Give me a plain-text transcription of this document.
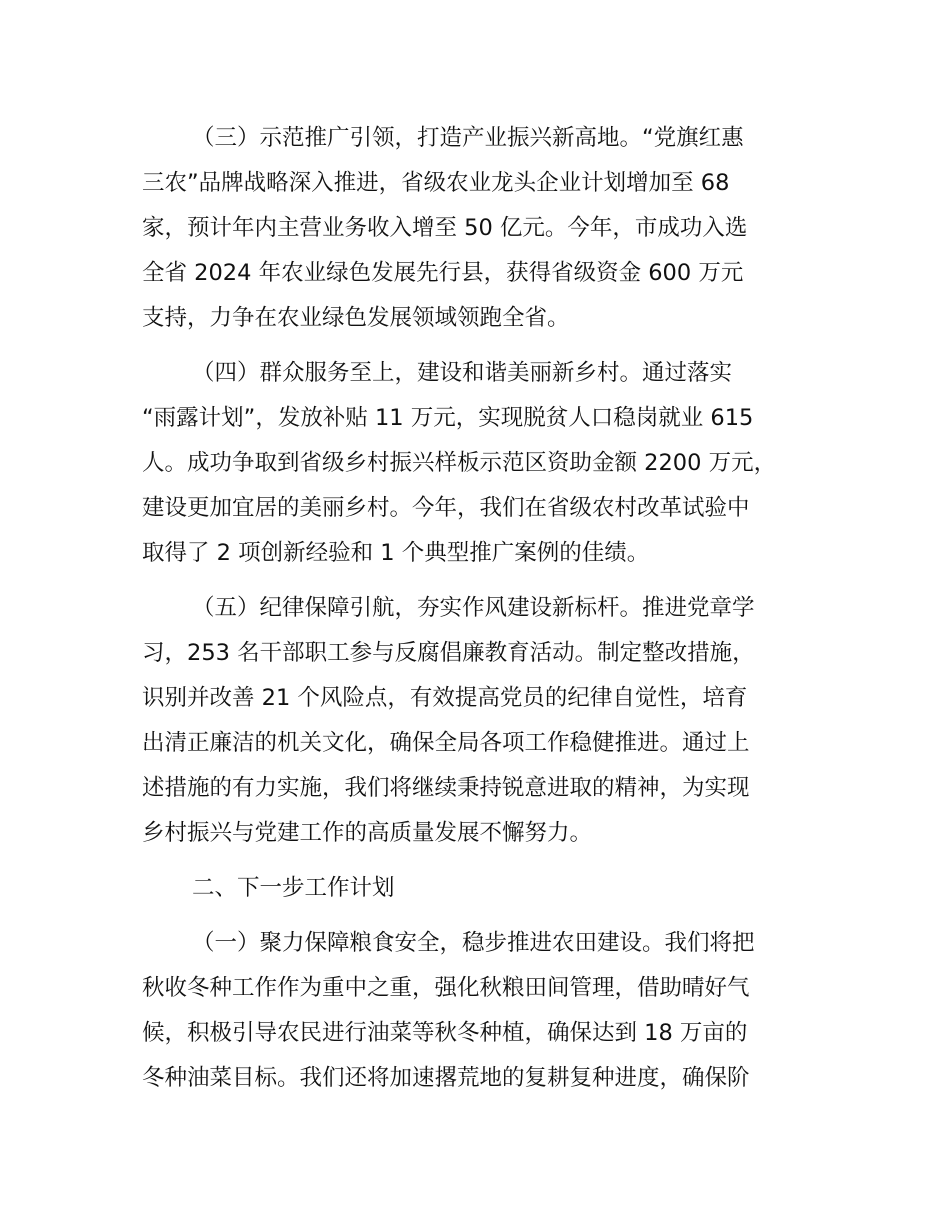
（三）示范推广引领，打造产业振兴新高地。“党旗红惠
三农”品牌战略深入推进，省级农业龙头企业计划增加至 68
家，预计年内主营业务收入增至 50 亿元。今年，市成功入选
全省 2024 年农业绿色发展先行县，获得省级资金 600 万元
支持，力争在农业绿色发展领域领跑全省。
（四）群众服务至上，建设和谐美丽新乡村。通过落实
“雨露计划”，发放补贴 11 万元，实现脱贫人口稳岗就业 615
人。成功争取到省级乡村振兴样板示范区资助金额 2200 万元，
建设更加宜居的美丽乡村。今年，我们在省级农村改革试验中
取得了 2 项创新经验和 1 个典型推广案例的佳绩。
（五）纪律保障引航，夯实作风建设新标杆。推进党章学
习，253 名干部职工参与反腐倡廉教育活动。制定整改措施，
识别并改善 21 个风险点，有效提高党员的纪律自觉性，培育
出清正廉洁的机关文化，确保全局各项工作稳健推进。通过上
述措施的有力实施，我们将继续秉持锐意进取的精神，为实现
乡村振兴与党建工作的高质量发展不懈努力。
二、下一步工作计划
（一）聚力保障粮食安全，稳步推进农田建设。我们将把
秋收冬种工作作为重中之重，强化秋粮田间管理，借助晴好气
候，积极引导农民进行油菜等秋冬种植，确保达到 18 万亩的
冬种油菜目标。我们还将加速撂荒地的复耕复种进度，确保阶
